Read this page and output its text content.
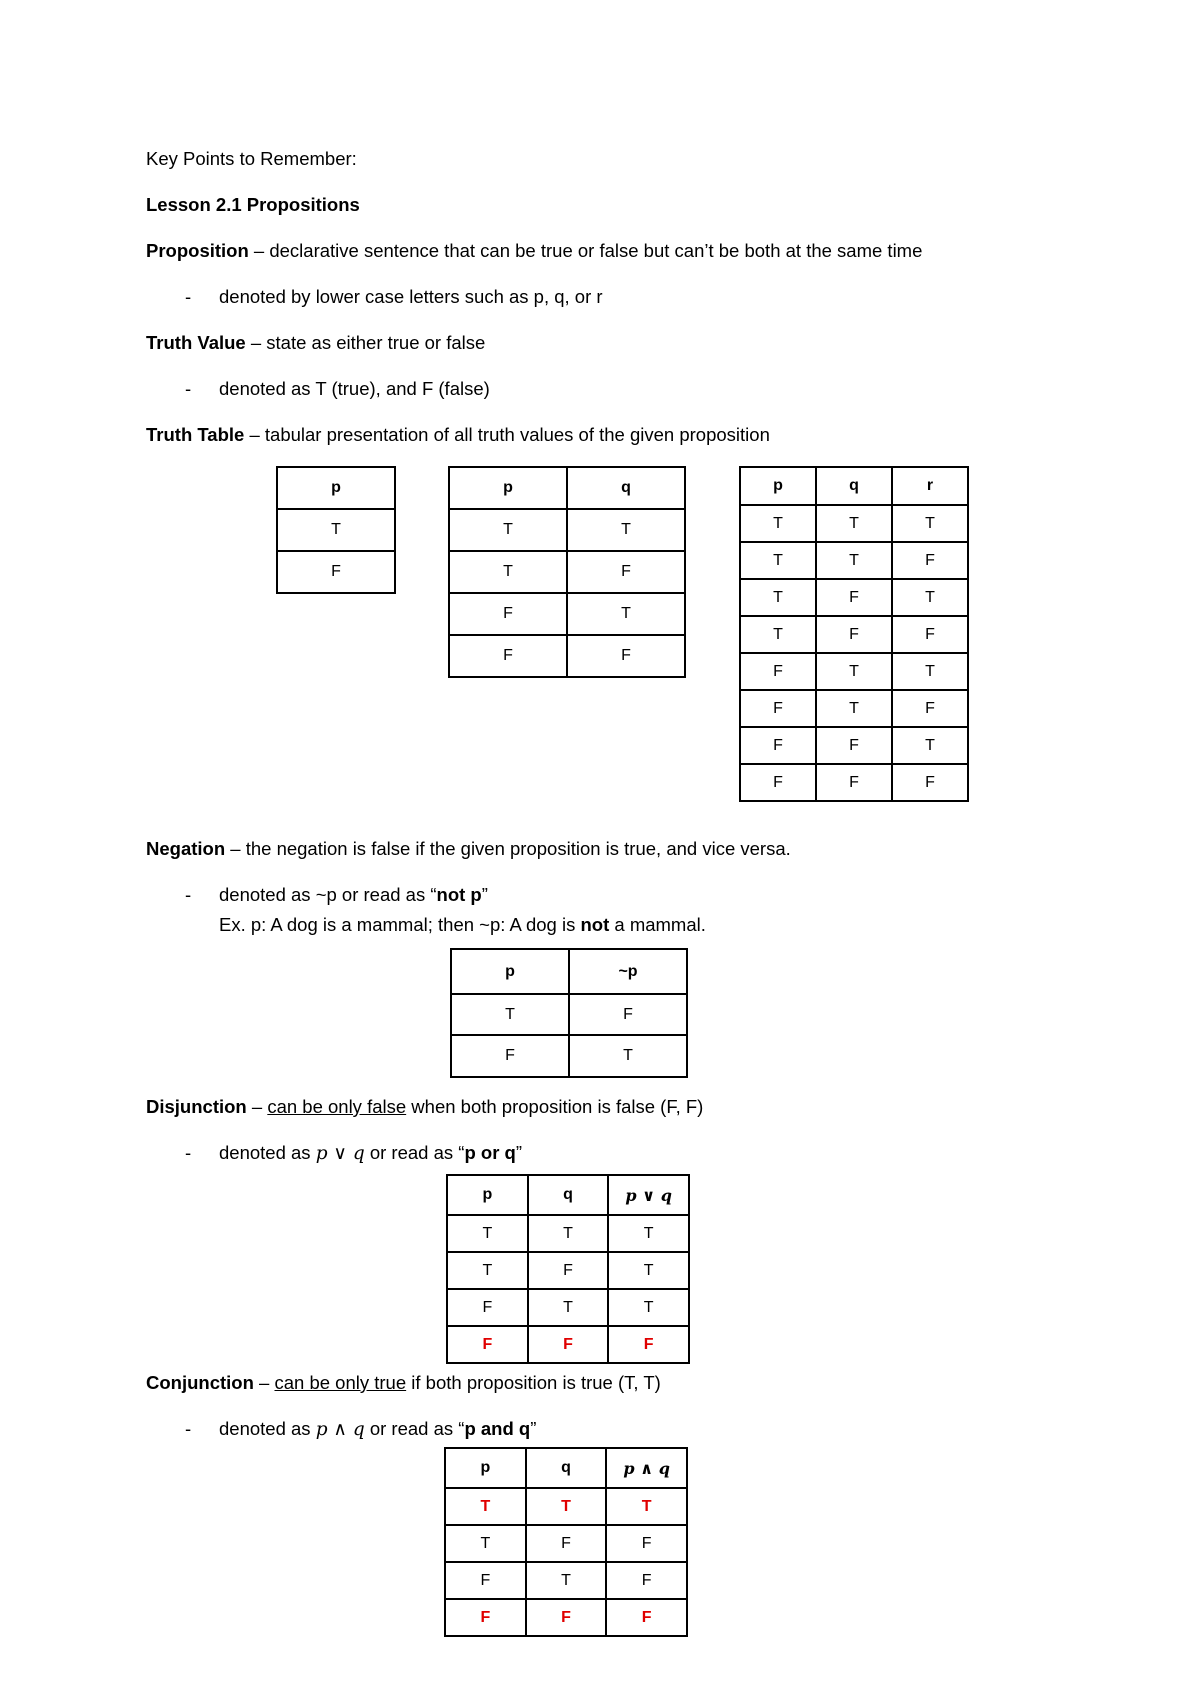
Key Points to Remember:
Lesson 2.1 Propositions
Proposition – declarative sentence that can be true or false but can’t be both at the same time
- denoted by lower case letters such as p, q, or r
Truth Value – state as either true or false
- denoted as T (true), and F (false)
Truth Table – tabular presentation of all truth values of the given proposition
p
T
F
p	q
T	T
T	F
F	T
F	F
p	q	r
T	T	T
T	T	F
T	F	T
T	F	F
F	T	T
F	T	F
F	F	T
F	F	F
Negation – the negation is false if the given proposition is true, and vice versa.
- denoted as ~p or read as “not p”
Ex. p: A dog is a mammal; then ~p: A dog is not a mammal.
p	~p
T	F
F	T
Disjunction – can be only false when both proposition is false (F, F)
- denoted as p ∨ q or read as “p or q”
p	q	p ∨ q
T	T	T
T	F	T
F	T	T
F	F	F
Conjunction – can be only true if both proposition is true (T, T)
- denoted as p ∧ q or read as “p and q”
p	q	p ∧ q
T	T	T
T	F	F
F	T	F
F	F	F
